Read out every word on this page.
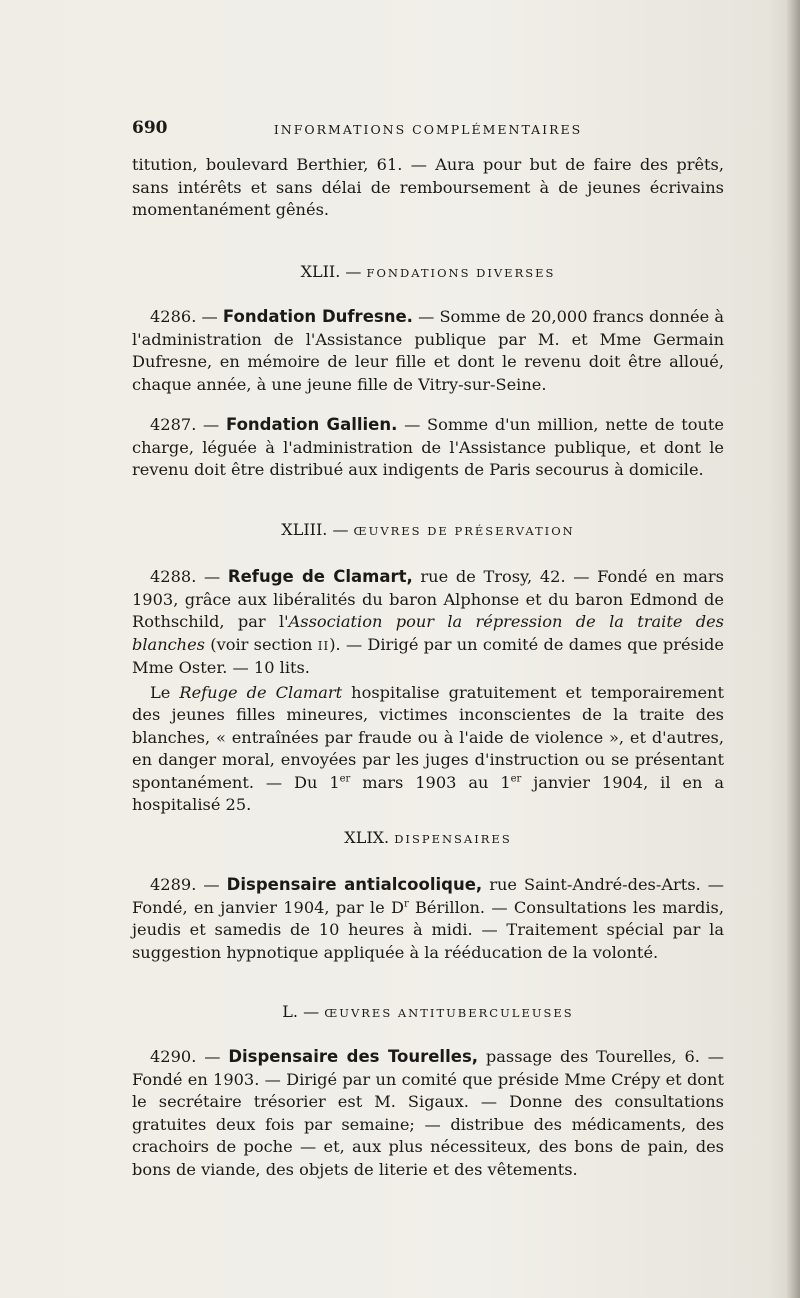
690	INFORMATIONS COMPLÉMENTAIRES

titution, boulevard Berthier, 61. — Aura pour but de faire des prêts, sans intérêts et sans délai de remboursement à de jeunes écrivains momentanément gênés.

XLII. — FONDATIONS DIVERSES

4286. — Fondation Dufresne. — Somme de 20,000 francs donnée à l'administration de l'Assistance publique par M. et Mme Germain Dufresne, en mémoire de leur fille et dont le revenu doit être alloué, chaque année, à une jeune fille de Vitry-sur-Seine.

4287. — Fondation Gallien. — Somme d'un million, nette de toute charge, léguée à l'administration de l'Assistance publique, et dont le revenu doit être distribué aux indigents de Paris secourus à domicile.

XLIII. — ŒUVRES DE PRÉSERVATION

4288. — Refuge de Clamart, rue de Trosy, 42. — Fondé en mars 1903, grâce aux libéralités du baron Alphonse et du baron Edmond de Rothschild, par l'Association pour la répression de la traite des blanches (voir section II). — Dirigé par un comité de dames que préside Mme Oster. — 10 lits.

Le Refuge de Clamart hospitalise gratuitement et temporairement des jeunes filles mineures, victimes inconscientes de la traite des blanches, « entraînées par fraude ou à l'aide de violence », et d'autres, en danger moral, envoyées par les juges d'instruction ou se présentant spontanément. — Du 1er mars 1903 au 1er janvier 1904, il en a hospitalisé 25.

XLIX. DISPENSAIRES

4289. — Dispensaire antialcoolique, rue Saint-André-des-Arts. — Fondé, en janvier 1904, par le $D^r$ Bérillon. — Consultations les mardis, jeudis et samedis de 10 heures à midi. — Traitement spécial par la suggestion hypnotique appliquée à la rééducation de la volonté.

L. — ŒUVRES ANTITUBERCULEUSES

4290. — Dispensaire des Tourelles, passage des Tourelles, 6. — Fondé en 1903. — Dirigé par un comité que préside Mme Crépy et dont le secrétaire trésorier est M. Sigaux. — Donne des consultations gratuites deux fois par semaine; — distribue des médicaments, des crachoirs de poche — et, aux plus nécessiteux, des bons de pain, des bons de viande, des objets de literie et des vêtements.
